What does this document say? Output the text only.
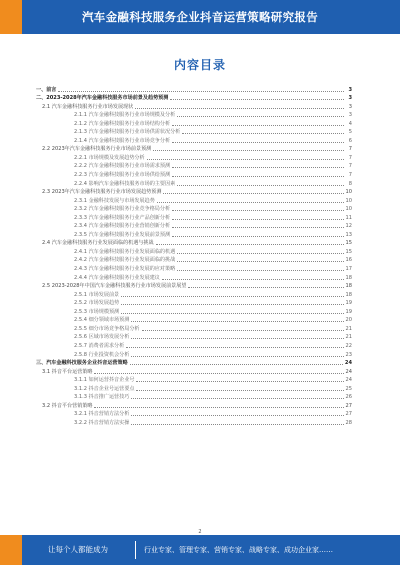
汽车金融科技服务企业抖音运营策略研究报告
内容目录
一、前言	3
二、2023-2028年汽车金融科技服务市场前景及趋势预测	3
2.1 汽车金融科技服务行业市场发展现状	3
2.1.1 汽车金融科技服务行业市场规模及分析	3
2.1.2 汽车金融科技服务行业市场结构分析	4
2.1.3 汽车金融科技服务行业市场供需状况分析	5
2.1.4 汽车金融科技服务行业市场竞争分析	6
2.2 2023年汽车金融科技服务行业市场前景预测	7
2.2.1 市场规模及发展趋势分析	7
2.2.2 汽车金融科技服务行业市场需求预测	7
2.2.3 汽车金融科技服务行业市场供给预测	7
2.2.4 影响汽车金融科技服务市场的主要因素	8
2.3 2023年汽车金融科技服务行业市场发展趋势预测	10
2.3.1 金融科技发展与市场发展趋势	10
2.3.2 汽车金融科技服务行业竞争格局分析	10
2.3.3 汽车金融科技服务行业产品创新分析	11
2.3.4 汽车金融科技服务行业营销创新分析	12
2.3.5 汽车金融科技服务行业发展前景预测	13
2.4 汽车金融科技服务行业发展面临的机遇与挑战	15
2.4.1 汽车金融科技服务行业发展面临的机遇	15
2.4.2 汽车金融科技服务行业发展面临的挑战	16
2.4.3 汽车金融科技服务行业发展的应对策略	17
2.4.4 汽车金融科技服务行业发展建议	18
2.5 2023-2028年中国汽车金融科技服务行业市场发展前景展望	18
2.5.1 市场发展前景	18
2.5.2 市场发展趋势	19
2.5.3 市场规模预测	19
2.5.4 细分领域市场预测	20
2.5.5 细分市场竞争格局分析	21
2.5.6 区域市场发展分析	21
2.5.7 消费者需求分析	22
2.5.8 行业投资机会分析	23
三、汽车金融科技服务企业抖音运营策略	24
3.1 抖音平台运营策略	24
3.1.1 如何运营抖音企业号	24
3.1.2 抖音企业号运营要点	25
3.1.3 抖音推广运营技巧	26
3.2 抖音平台营销策略	27
3.2.1 抖音营销方法分析	27
3.2.2 抖音营销方法实操	28
2
让每个人都能成为	行业专家、管理专家、营销专家、战略专家、成功企业家……
